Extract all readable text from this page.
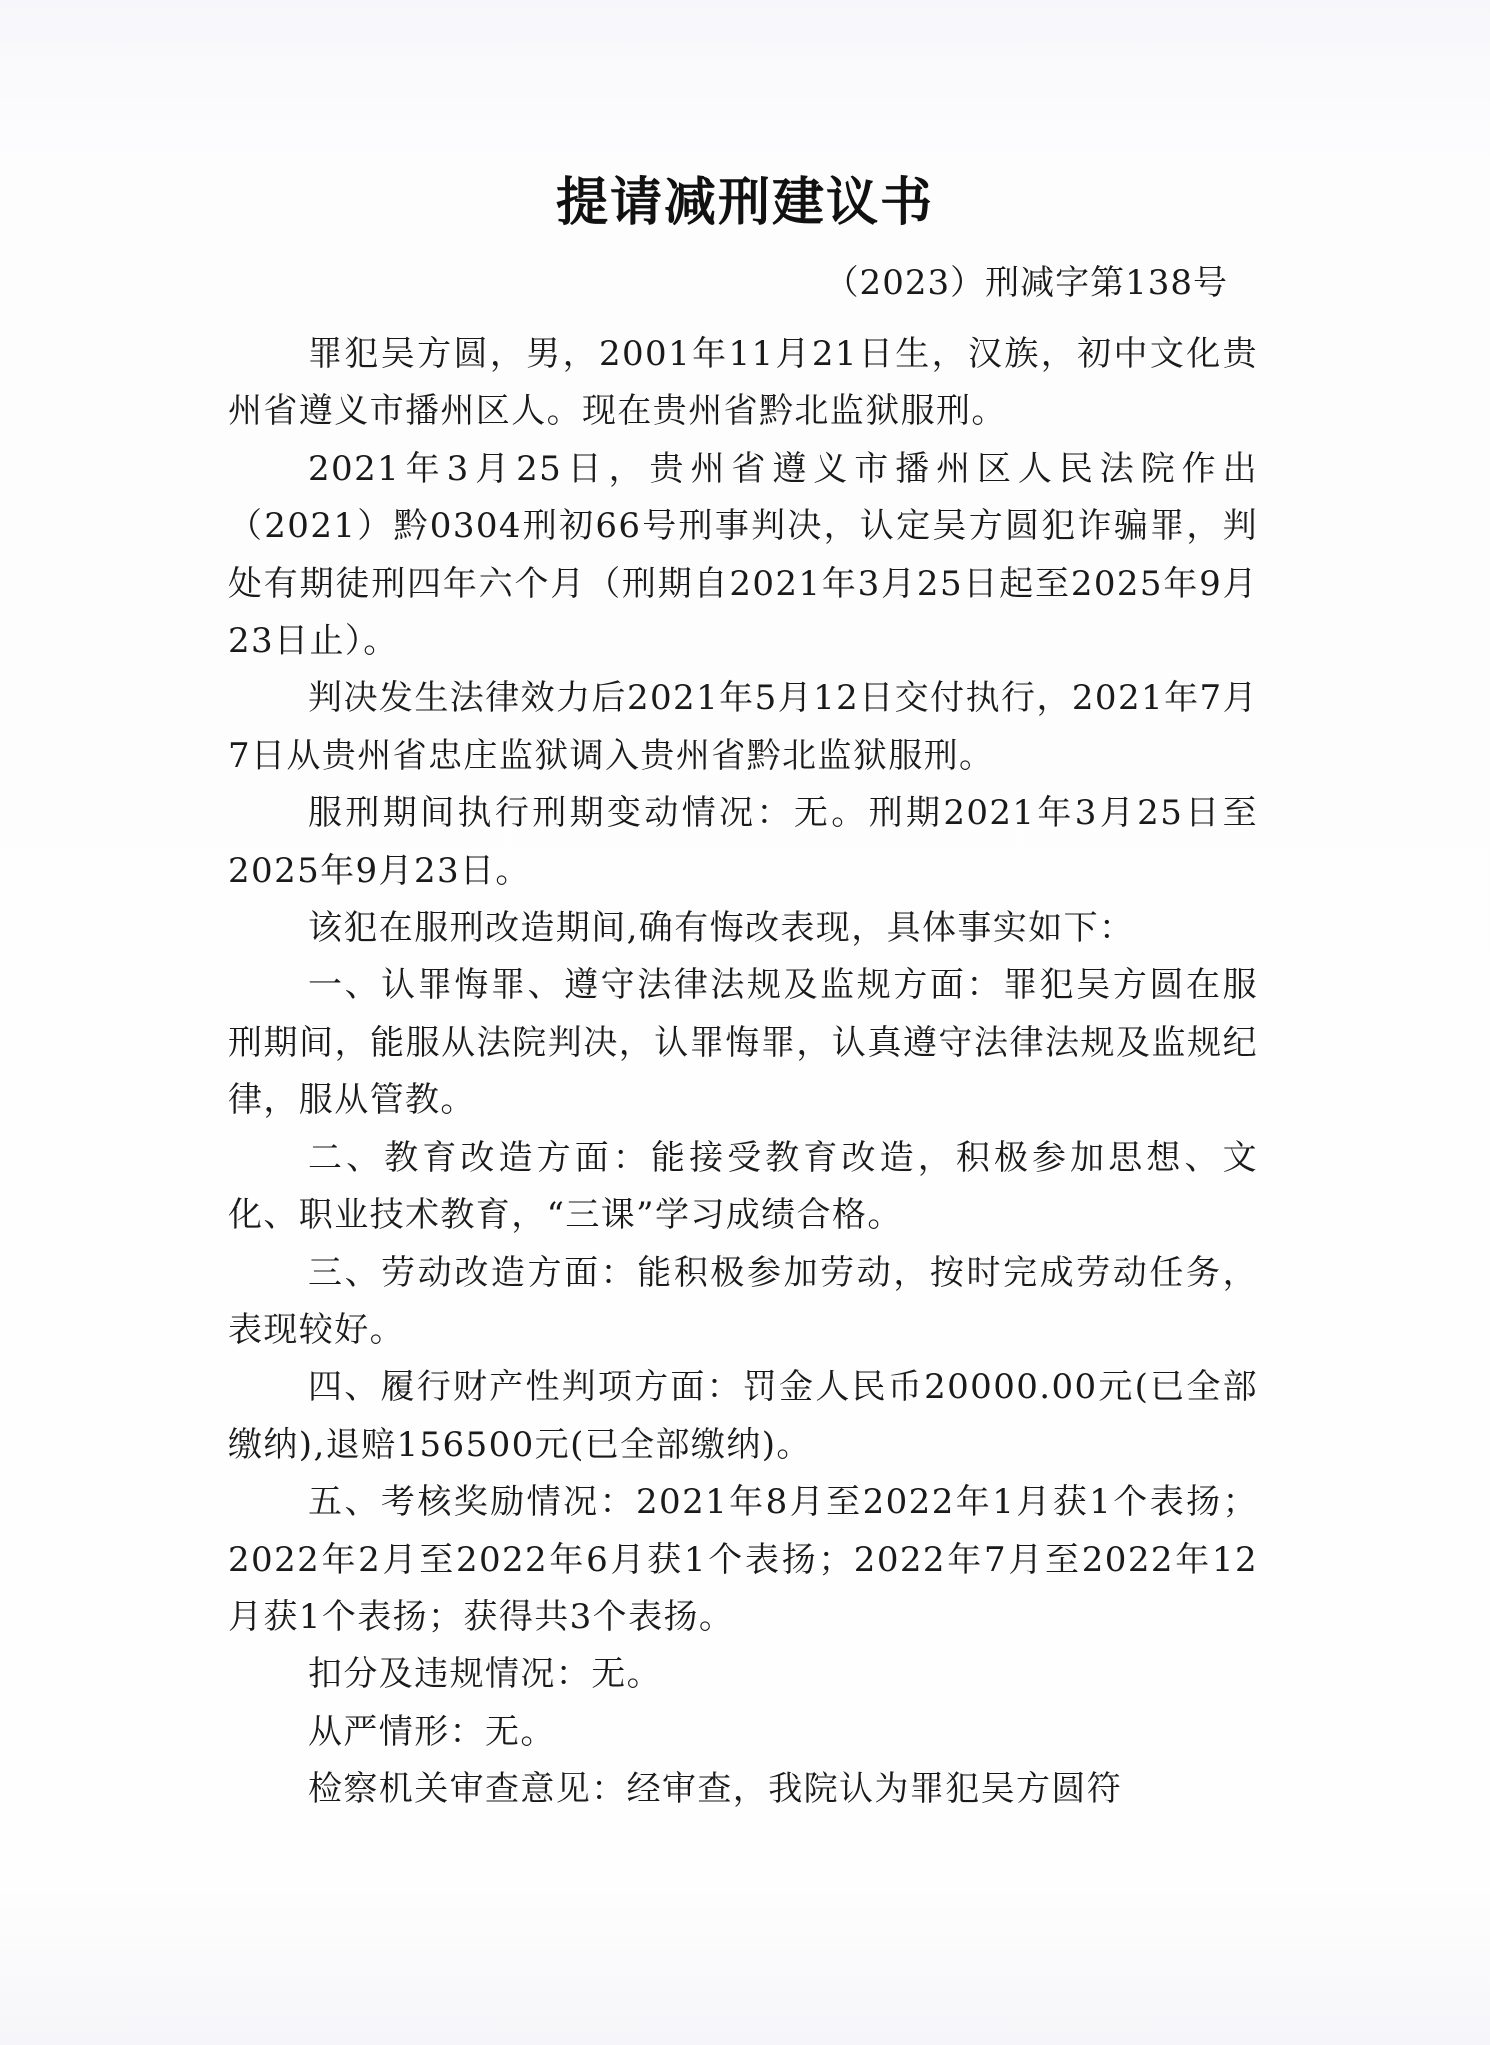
提请减刑建议书
（2023）刑减字第138号

罪犯吴方圆，男，2001年11月21日生，汉族，初中文化贵州省遵义市播州区人。现在贵州省黔北监狱服刑。

2021年3月25日，贵州省遵义市播州区人民法院作出（2021）黔0304刑初66号刑事判决，认定吴方圆犯诈骗罪，判处有期徒刑四年六个月（刑期自2021年3月25日起至2025年9月23日止）。

判决发生法律效力后2021年5月12日交付执行，2021年7月7日从贵州省忠庄监狱调入贵州省黔北监狱服刑。

服刑期间执行刑期变动情况：无。刑期2021年3月25日至2025年9月23日。

该犯在服刑改造期间,确有悔改表现，具体事实如下：

一、认罪悔罪、遵守法律法规及监规方面：罪犯吴方圆在服刑期间，能服从法院判决，认罪悔罪，认真遵守法律法规及监规纪律，服从管教。

二、教育改造方面：能接受教育改造，积极参加思想、文化、职业技术教育，“三课”学习成绩合格。

三、劳动改造方面：能积极参加劳动，按时完成劳动任务，表现较好。

四、履行财产性判项方面：罚金人民币20000.00元(已全部缴纳),退赔156500元(已全部缴纳)。

五、考核奖励情况：2021年8月至2022年1月获1个表扬；2022年2月至2022年6月获1个表扬；2022年7月至2022年12月获1个表扬；获得共3个表扬。

扣分及违规情况：无。

从严情形：无。

检察机关审查意见：经审查，我院认为罪犯吴方圆符
